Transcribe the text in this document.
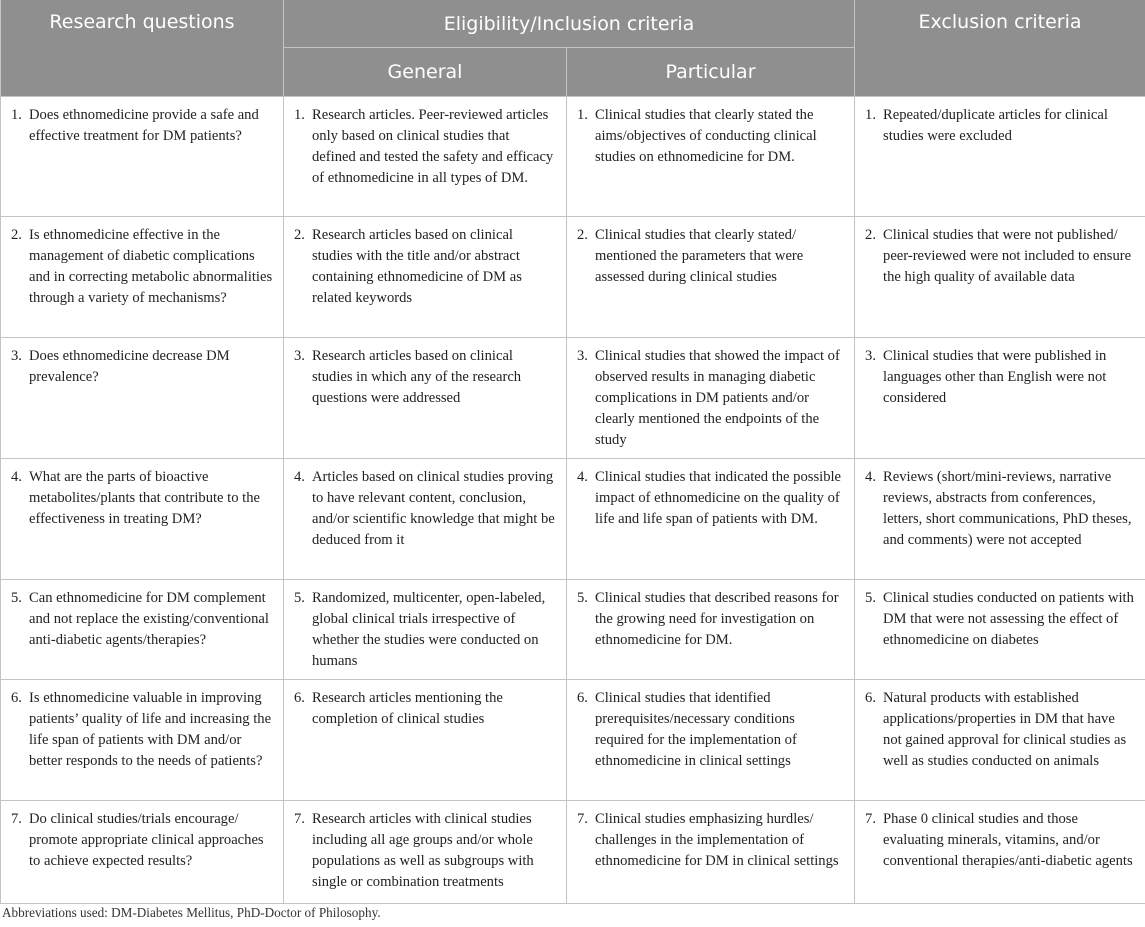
Research questions	Eligibility/Inclusion criteria		Exclusion criteria

	General	Particular	

1. Does ethnomedicine provide a safe and effective treatment for DM patients?	1. Research articles. Peer-reviewed articles only based on clinical studies that defined and tested the safety and efficacy of ethnomedicine in all types of DM.	1. Clinical studies that clearly stated the aims/objectives of conducting clinical studies on ethnomedicine for DM.	1. Repeated/duplicate articles for clinical studies were excluded

2. Is ethnomedicine effective in the management of diabetic complications and in correcting metabolic abnormalities through a variety of mechanisms?	2. Research articles based on clinical studies with the title and/or abstract containing ethnomedicine of DM as related keywords	2. Clinical studies that clearly stated/ mentioned the parameters that were assessed during clinical studies	2. Clinical studies that were not published/ peer-reviewed were not included to ensure the high quality of available data

3. Does ethnomedicine decrease DM prevalence?	3. Research articles based on clinical studies in which any of the research questions were addressed	3. Clinical studies that showed the impact of observed results in managing diabetic complications in DM patients and/or clearly mentioned the endpoints of the study	3. Clinical studies that were published in languages other than English were not considered

4. What are the parts of bioactive metabolites/plants that contribute to the effectiveness in treating DM?	4. Articles based on clinical studies proving to have relevant content, conclusion, and/or scientific knowledge that might be deduced from it	4. Clinical studies that indicated the possible impact of ethnomedicine on the quality of life and life span of patients with DM.	4. Reviews (short/mini-reviews, narrative reviews, abstracts from conferences, letters, short communications, PhD theses, and comments) were not accepted

5. Can ethnomedicine for DM complement and not replace the existing/conventional anti-diabetic agents/therapies?	5. Randomized, multicenter, open-labeled, global clinical trials irrespective of whether the studies were conducted on humans	5. Clinical studies that described reasons for the growing need for investigation on ethnomedicine for DM.	5. Clinical studies conducted on patients with DM that were not assessing the effect of ethnomedicine on diabetes

6. Is ethnomedicine valuable in improving patients’ quality of life and increasing the life span of patients with DM and/or better responds to the needs of patients?	6. Research articles mentioning the completion of clinical studies	6. Clinical studies that identified prerequisites/necessary conditions required for the implementation of ethnomedicine in clinical settings	6. Natural products with established applications/properties in DM that have not gained approval for clinical studies as well as studies conducted on animals

7. Do clinical studies/trials encourage/ promote appropriate clinical approaches to achieve expected results?	7. Research articles with clinical studies including all age groups and/or whole populations as well as subgroups with single or combination treatments	7. Clinical studies emphasizing hurdles/ challenges in the implementation of ethnomedicine for DM in clinical settings	7. Phase 0 clinical studies and those evaluating minerals, vitamins, and/or conventional therapies/anti-diabetic agents
Abbreviations used: DM-Diabetes Mellitus, PhD-Doctor of Philosophy.
